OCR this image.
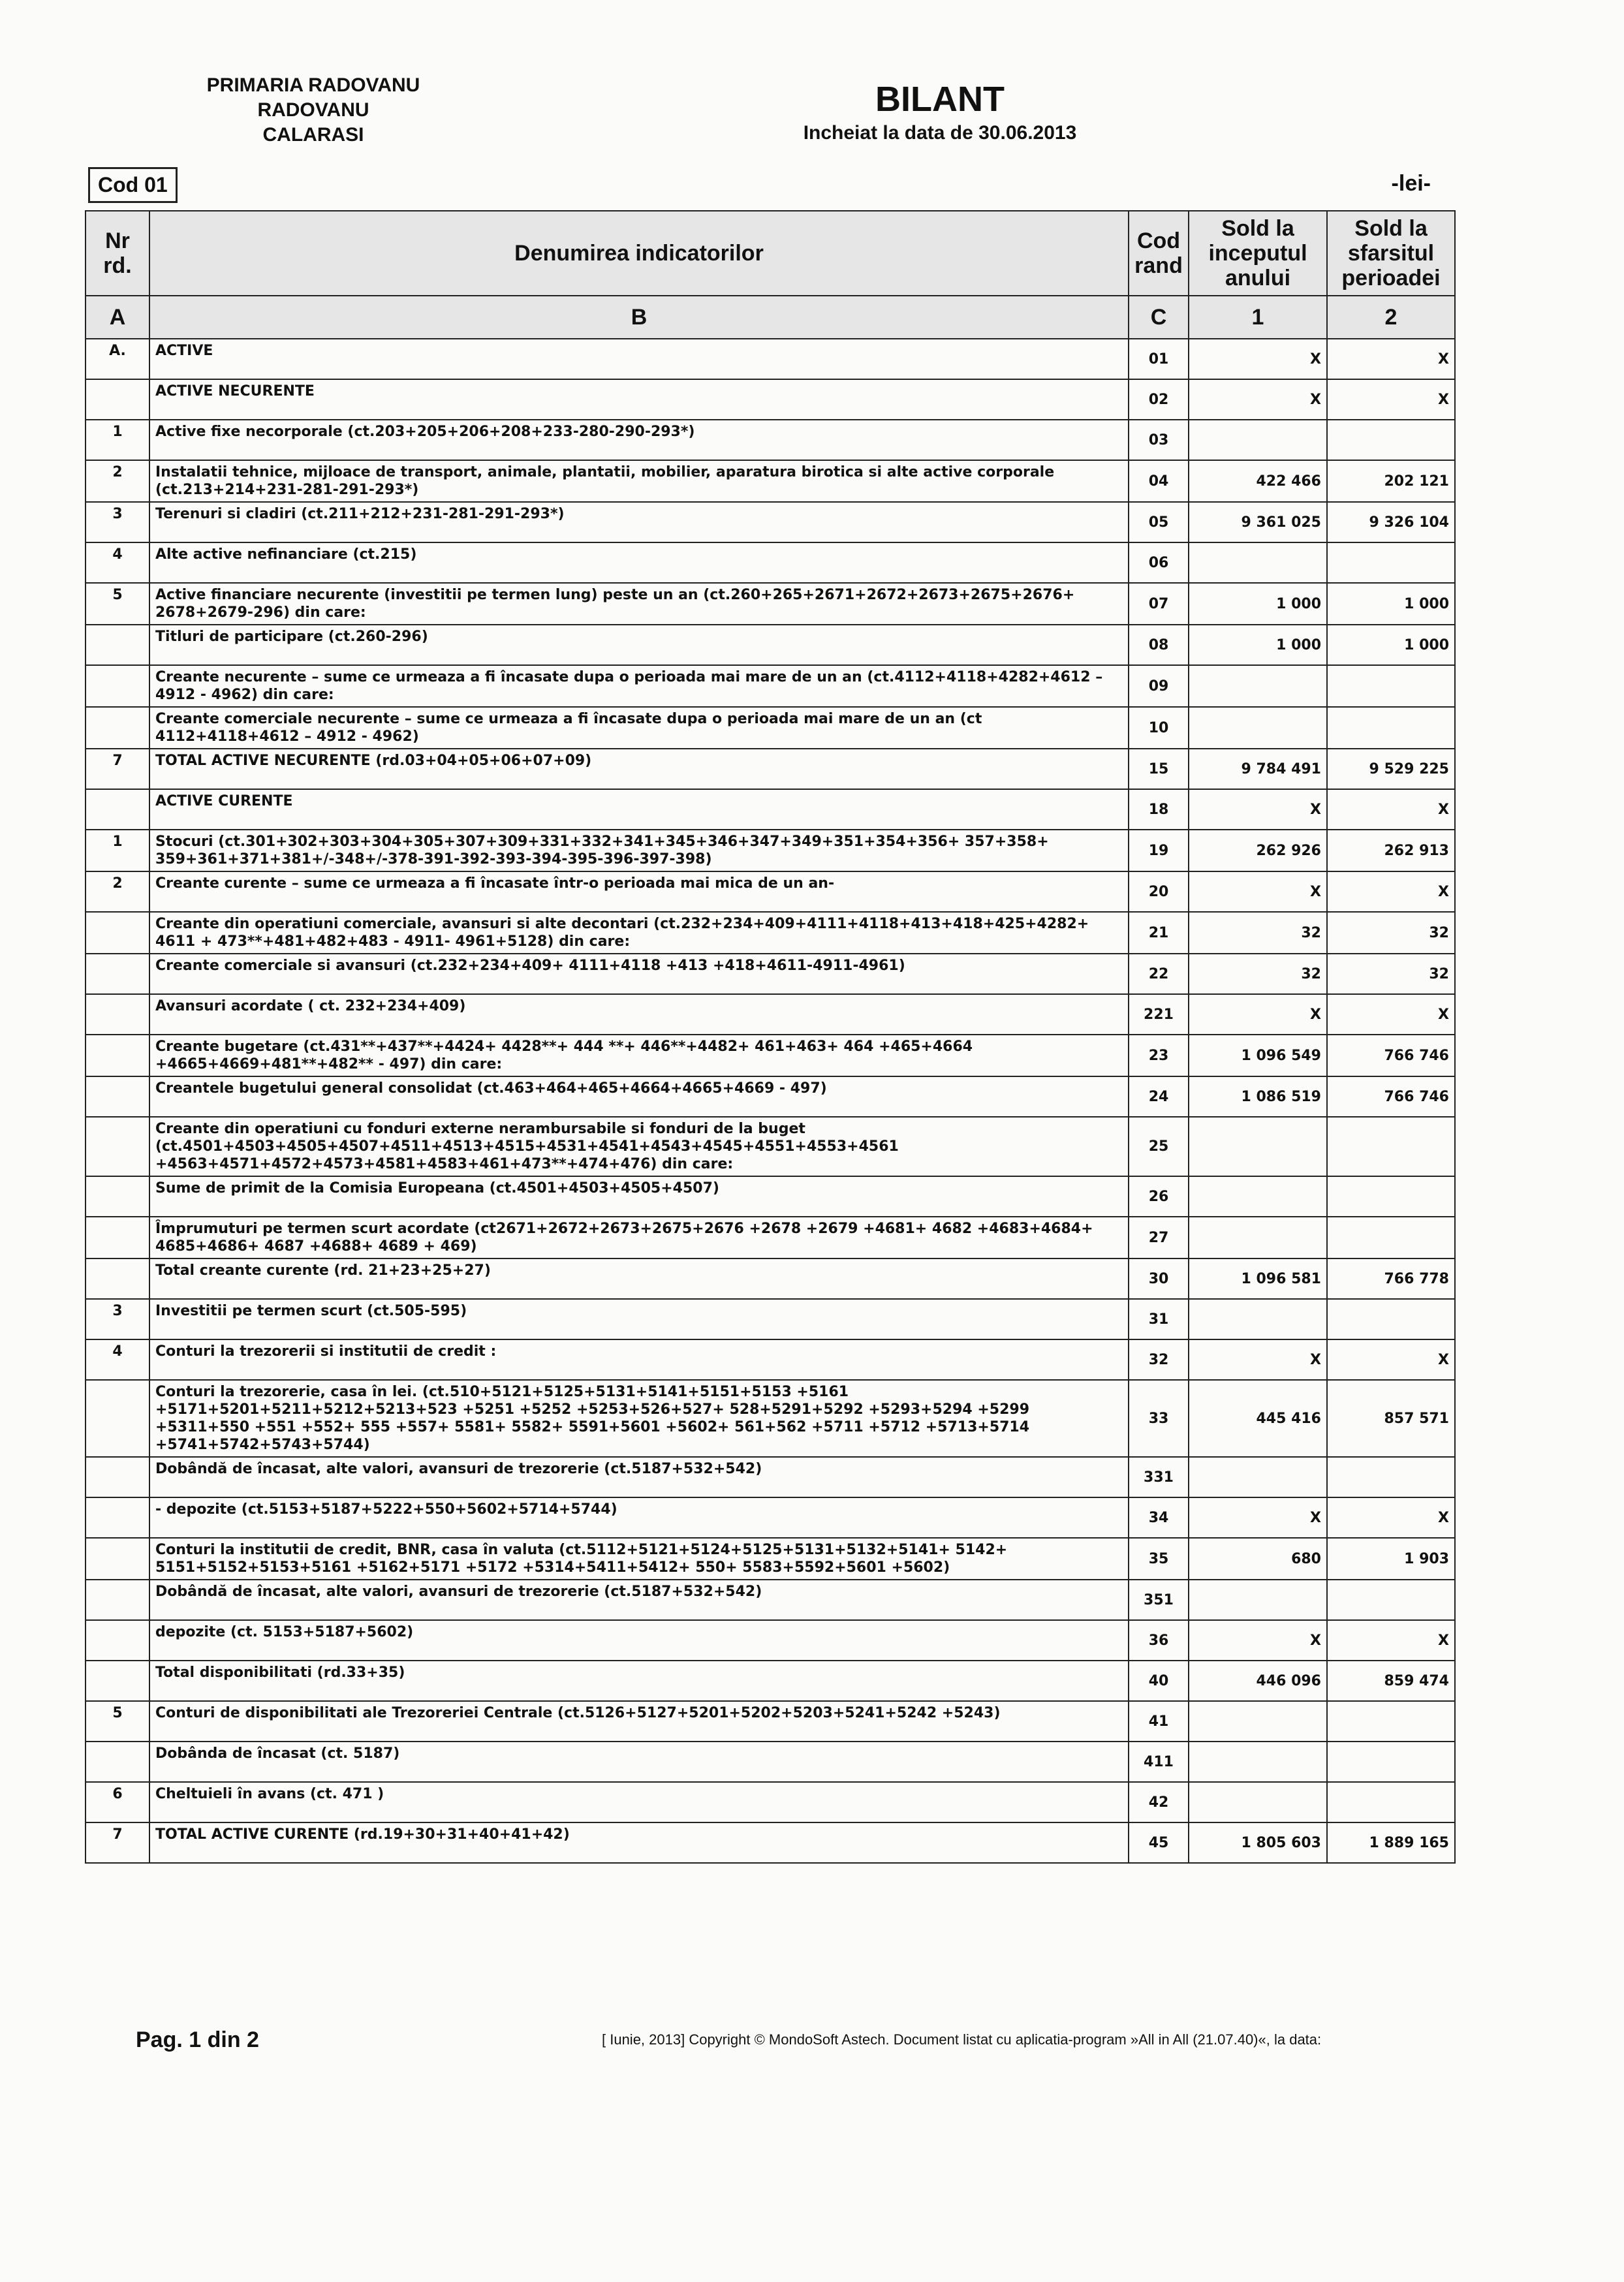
PRIMARIA RADOVANU
RADOVANU
CALARASI
BILANT
Incheiat la data de 30.06.2013
Cod 01	-lei-
Nr rd.	Denumirea indicatorilor	Cod rand	Sold la inceputul anului	Sold la sfarsitul perioadei
A	B	C	1	2
A.	ACTIVE	01	X	X
	ACTIVE NECURENTE	02	X	X
1	Active fixe necorporale (ct.203+205+206+208+233-280-290-293*)	03		
2	Instalatii tehnice, mijloace de transport, animale, plantatii, mobilier, aparatura birotica si alte active corporale (ct.213+214+231-281-291-293*)	04	422 466	202 121
3	Terenuri si cladiri (ct.211+212+231-281-291-293*)	05	9 361 025	9 326 104
4	Alte active nefinanciare (ct.215)	06		
5	Active financiare necurente (investitii pe termen lung) peste un an (ct.260+265+2671+2672+2673+2675+2676+ 2678+2679-296) din care:	07	1 000	1 000
	Titluri de participare (ct.260-296)	08	1 000	1 000
	Creante necurente – sume ce urmeaza a fi încasate dupa o perioada mai mare de un an (ct.4112+4118+4282+4612 – 4912 - 4962) din care:	09		
	Creante comerciale necurente – sume ce urmeaza a fi încasate dupa o perioada mai mare de un an (ct 4112+4118+4612 – 4912 - 4962)	10		
7	TOTAL ACTIVE NECURENTE (rd.03+04+05+06+07+09)	15	9 784 491	9 529 225
	ACTIVE CURENTE	18	X	X
1	Stocuri (ct.301+302+303+304+305+307+309+331+332+341+345+346+347+349+351+354+356+ 357+358+ 359+361+371+381+/-348+/-378-391-392-393-394-395-396-397-398)	19	262 926	262 913
2	Creante curente – sume ce urmeaza a fi încasate într-o perioada mai mica de un an-	20	X	X
	Creante din operatiuni comerciale, avansuri si alte decontari (ct.232+234+409+4111+4118+413+418+425+4282+ 4611 + 473**+481+482+483 - 4911- 4961+5128) din care:	21	32	32
	Creante comerciale si avansuri (ct.232+234+409+ 4111+4118 +413 +418+4611-4911-4961)	22	32	32
	Avansuri acordate ( ct. 232+234+409)	221	X	X
	Creante bugetare (ct.431**+437**+4424+ 4428**+ 444 **+ 446**+4482+ 461+463+ 464 +465+4664 +4665+4669+481**+482** - 497) din care:	23	1 096 549	766 746
	Creantele bugetului general consolidat (ct.463+464+465+4664+4665+4669 - 497)	24	1 086 519	766 746
	Creante din operatiuni cu fonduri externe nerambursabile si fonduri de la buget (ct.4501+4503+4505+4507+4511+4513+4515+4531+4541+4543+4545+4551+4553+4561 +4563+4571+4572+4573+4581+4583+461+473**+474+476) din care:	25		
	Sume de primit de la Comisia Europeana (ct.4501+4503+4505+4507)	26		
	Împrumuturi pe termen scurt acordate (ct2671+2672+2673+2675+2676 +2678 +2679 +4681+ 4682 +4683+4684+ 4685+4686+ 4687 +4688+ 4689 + 469)	27		
	Total creante curente (rd. 21+23+25+27)	30	1 096 581	766 778
3	Investitii pe termen scurt (ct.505-595)	31		
4	Conturi la trezorerii si institutii de credit :	32	X	X
	Conturi la trezorerie, casa în lei. (ct.510+5121+5125+5131+5141+5151+5153 +5161 +5171+5201+5211+5212+5213+523 +5251 +5252 +5253+526+527+ 528+5291+5292 +5293+5294 +5299 +5311+550 +551 +552+ 555 +557+ 5581+ 5582+ 5591+5601 +5602+ 561+562 +5711 +5712 +5713+5714 +5741+5742+5743+5744)	33	445 416	857 571
	Dobândă de încasat, alte valori, avansuri de trezorerie (ct.5187+532+542)	331		
	- depozite (ct.5153+5187+5222+550+5602+5714+5744)	34	X	X
	Conturi la institutii de credit, BNR, casa în valuta (ct.5112+5121+5124+5125+5131+5132+5141+ 5142+ 5151+5152+5153+5161 +5162+5171 +5172 +5314+5411+5412+ 550+ 5583+5592+5601 +5602)	35	680	1 903
	Dobândă de încasat, alte valori, avansuri de trezorerie (ct.5187+532+542)	351		
	depozite (ct. 5153+5187+5602)	36	X	X
	Total disponibilitati (rd.33+35)	40	446 096	859 474
5	Conturi de disponibilitati ale Trezoreriei Centrale (ct.5126+5127+5201+5202+5203+5241+5242 +5243)	41		
	Dobânda de încasat (ct. 5187)	411		
6	Cheltuieli în avans (ct. 471 )	42		
7	TOTAL ACTIVE CURENTE (rd.19+30+31+40+41+42)	45	1 805 603	1 889 165
Pag. 1 din 2	[ Iunie, 2013] Copyright © MondoSoft Astech. Document listat cu aplicatia-program »All in All (21.07.40)«, la data:
